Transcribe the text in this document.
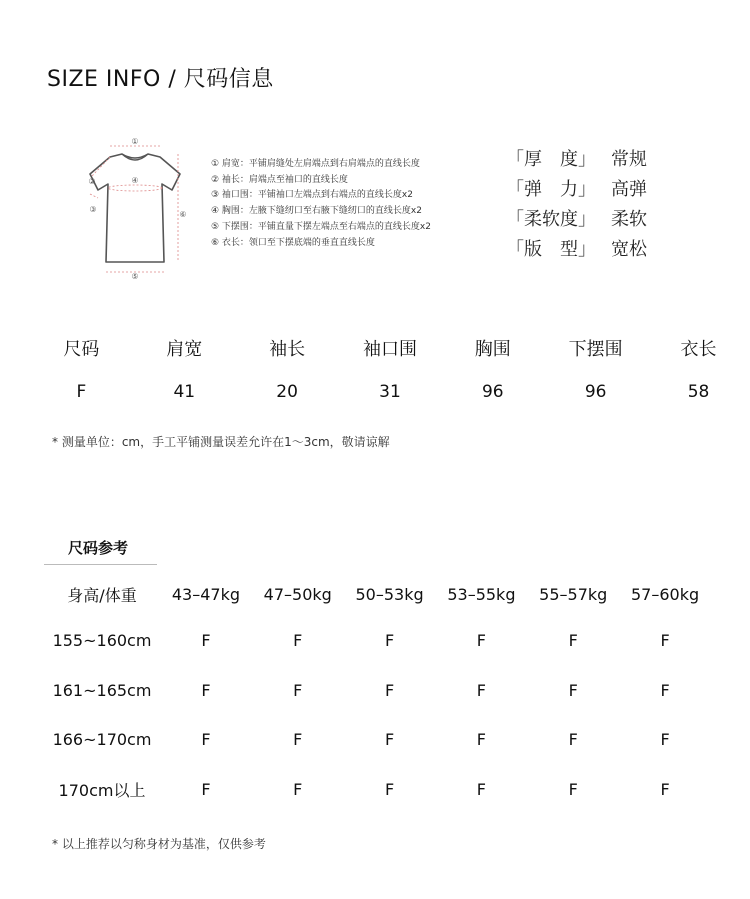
SIZE INFO / 尺码信息
①
②
③
④
⑤
⑥
① 肩宽：平铺肩缝处左肩端点到右肩端点的直线长度
② 袖长：肩端点至袖口的直线长度
③ 袖口围：平铺袖口左端点到右端点的直线长度x2
④ 胸围：左腋下缝纫口至右腋下缝纫口的直线长度x2
⑤ 下摆围：平铺直量下摆左端点至右端点的直线长度x2
⑥ 衣长：领口至下摆底端的垂直直线长度
「厚　度」 常规
「弹　力」 高弹
「柔软度」 柔软
「版　型」 宽松
尺码	肩宽	袖长	袖口围	胸围	下摆围	衣长
F	41	20	31	96	96	58
* 测量单位：cm，手工平铺测量误差允许在1～3cm，敬请谅解
尺码参考
身高/体重	43–47kg	47–50kg	50–53kg	53–55kg	55–57kg	57–60kg
155~160cm	F	F	F	F	F	F
161~165cm	F	F	F	F	F	F
166~170cm	F	F	F	F	F	F
170cm以上	F	F	F	F	F	F
* 以上推荐以匀称身材为基准，仅供参考
